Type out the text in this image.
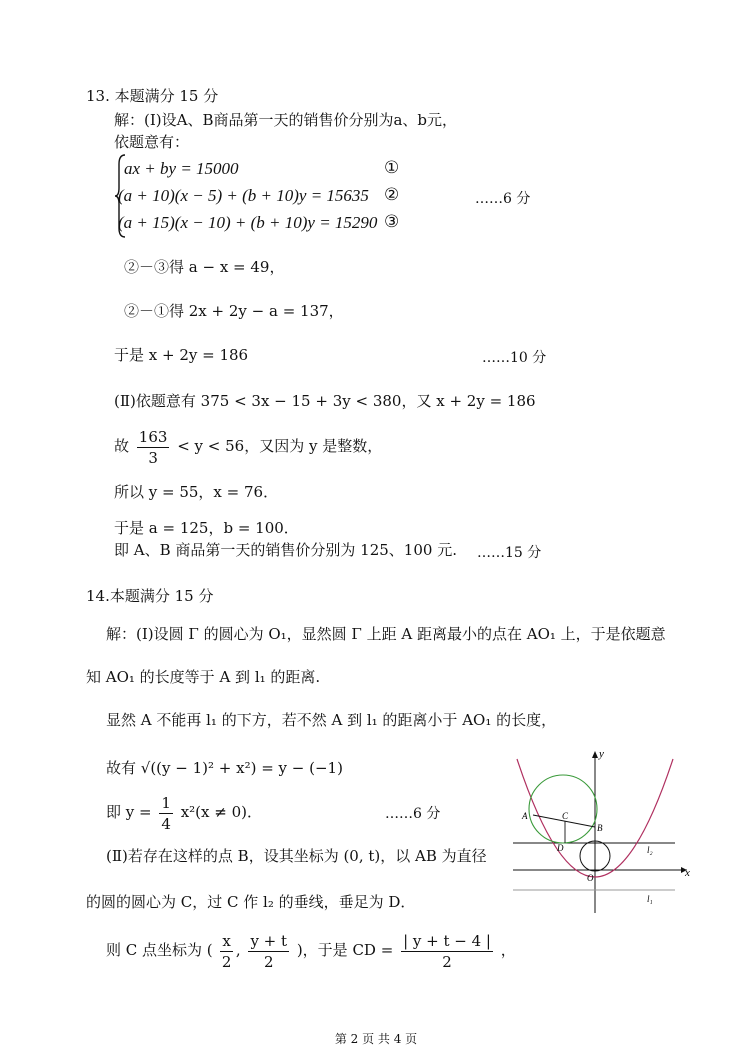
13. 本题满分 15 分
解：(Ⅰ)设A、B商品第一天的销售价分别为a、b元，
依题意有：
ax + by = 15000	①
(a + 10)(x − 5) + (b + 10)y = 15635 ②	……6 分
(a + 15)(x − 10) + (b + 10)y = 15290 ③
②－③得 a − x = 49，
②－①得 2x + 2y − a = 137，
于是 x + 2y = 186	……10 分
(Ⅱ)依题意有 375 < 3x − 15 + 3y < 380，又 x + 2y = 186
故 $\frac{163}{3} < y < 56$，又因为 y 是整数，
所以 y = 55，x = 76．
于是 a = 125，b = 100．
即 A、B 商品第一天的销售价分别为 125、100 元. ……15 分
14.本题满分 15 分
解：(Ⅰ)设圆 Γ 的圆心为 O₁，显然圆 Γ 上距 A 距离最小的点在 AO₁ 上，于是依题意
知 AO₁ 的长度等于 A 到 l₁ 的距离.
显然 A 不能再 l₁ 的下方，若不然 A 到 l₁ 的距离小于 AO₁ 的长度，
故有 √((y − 1)² + x²) = y − (−1)
即 $y = \frac{1}{4} x^2(x \ne 0)$．	……6 分
(Ⅱ)若存在这样的点 B，设其坐标为 (0, t)，以 AB 为直径
的圆的圆心为 C，过 C 作 l₂ 的垂线，垂足为 D．
则 C 点坐标为 ( $\frac{x}{2}$ , $\frac{y + t}{2}$ )，于是 CD = $\frac{| y + t - 4 |}{2}$ ，
y
x
A
B
C
D
O
l₂
l₁
第 2 页 共 4 页
